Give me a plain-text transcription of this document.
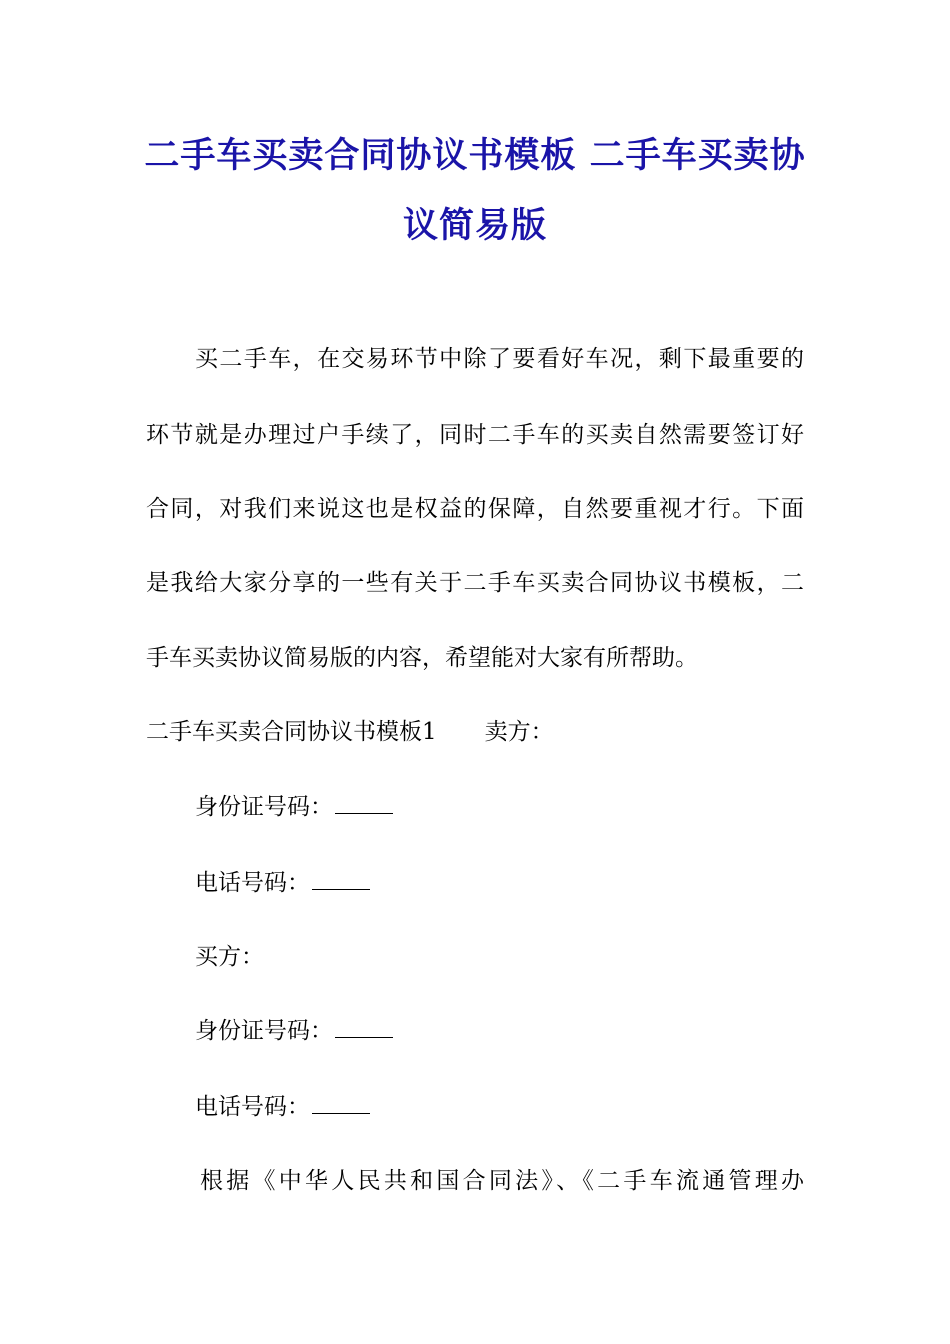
二手车买卖合同协议书模板 二手车买卖协
议简易版
买二手车，在交易环节中除了要看好车况，剩下最重要的
环节就是办理过户手续了，同时二手车的买卖自然需要签订好
合同，对我们来说这也是权益的保障，自然要重视才行。下面
是我给大家分享的一些有关于二手车买卖合同协议书模板，二
手车买卖协议简易版的内容，希望能对大家有所帮助。
二手车买卖合同协议书模板1 卖方：
身份证号码：
电话号码：
买方：
身份证号码：
电话号码：
根据《中华人民共和国合同法》、《二手车流通管理办
